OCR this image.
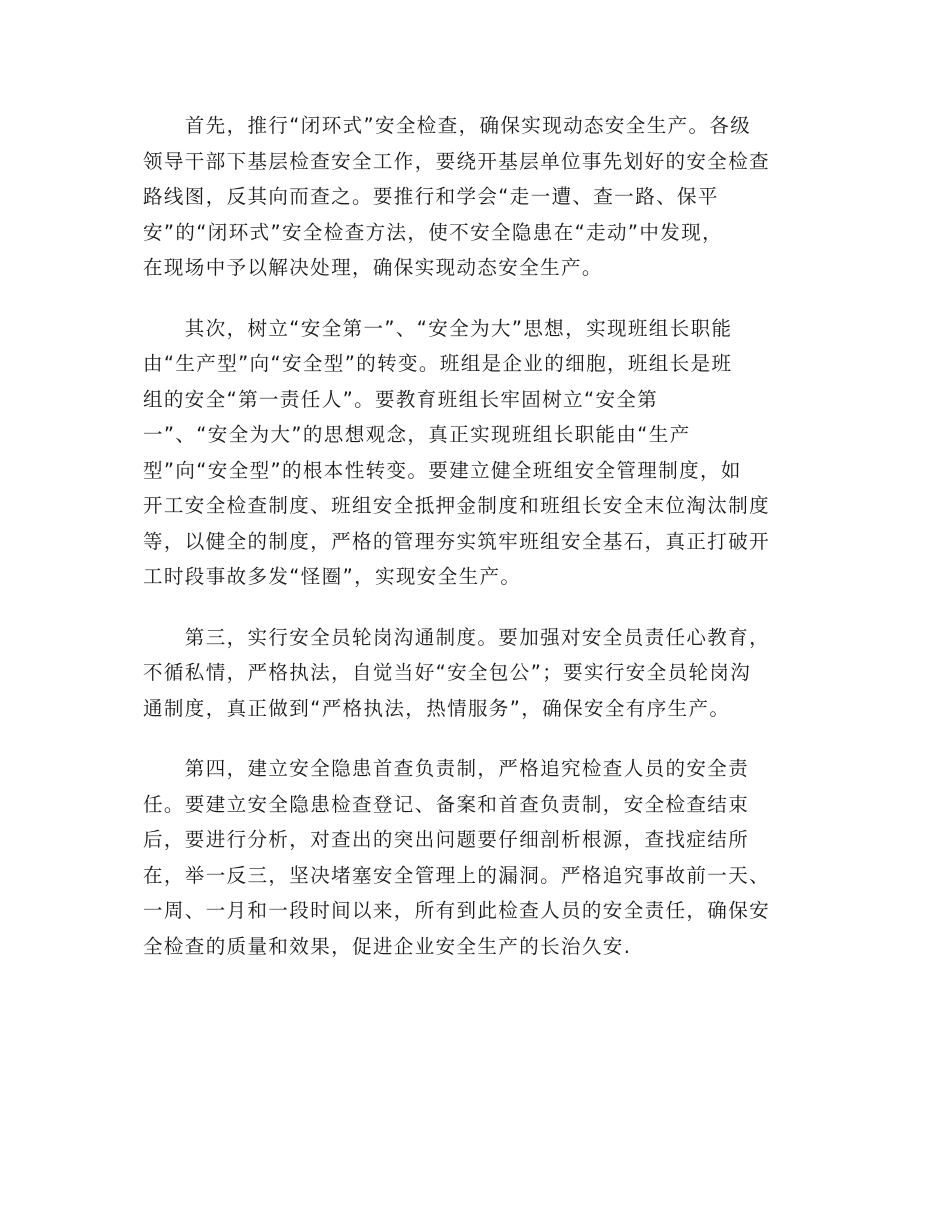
　　首先，推行“闭环式”安全检查，确保实现动态安全生产。各级
领导干部下基层检查安全工作，要绕开基层单位事先划好的安全检查
路线图，反其向而查之。要推行和学会“走一遭、查一路、保平
安”的“闭环式”安全检查方法，使不安全隐患在“走动”中发现，
在现场中予以解决处理，确保实现动态安全生产。

　　其次，树立“安全第一”、“安全为大”思想，实现班组长职能
由“生产型”向“安全型”的转变。班组是企业的细胞，班组长是班
组的安全“第一责任人”。要教育班组长牢固树立“安全第
一”、“安全为大”的思想观念，真正实现班组长职能由“生产
型”向“安全型”的根本性转变。要建立健全班组安全管理制度，如
开工安全检查制度、班组安全抵押金制度和班组长安全末位淘汰制度
等，以健全的制度，严格的管理夯实筑牢班组安全基石，真正打破开
工时段事故多发“怪圈”，实现安全生产。

　　第三，实行安全员轮岗沟通制度。要加强对安全员责任心教育，
不循私情，严格执法，自觉当好“安全包公”；要实行安全员轮岗沟
通制度，真正做到“严格执法，热情服务”，确保安全有序生产。

　　第四，建立安全隐患首查负责制，严格追究检查人员的安全责
任。要建立安全隐患检查登记、备案和首查负责制，安全检查结束
后，要进行分析，对查出的突出问题要仔细剖析根源，查找症结所
在，举一反三，坚决堵塞安全管理上的漏洞。严格追究事故前一天、
一周、一月和一段时间以来，所有到此检查人员的安全责任，确保安
全检查的质量和效果，促进企业安全生产的长治久安.
